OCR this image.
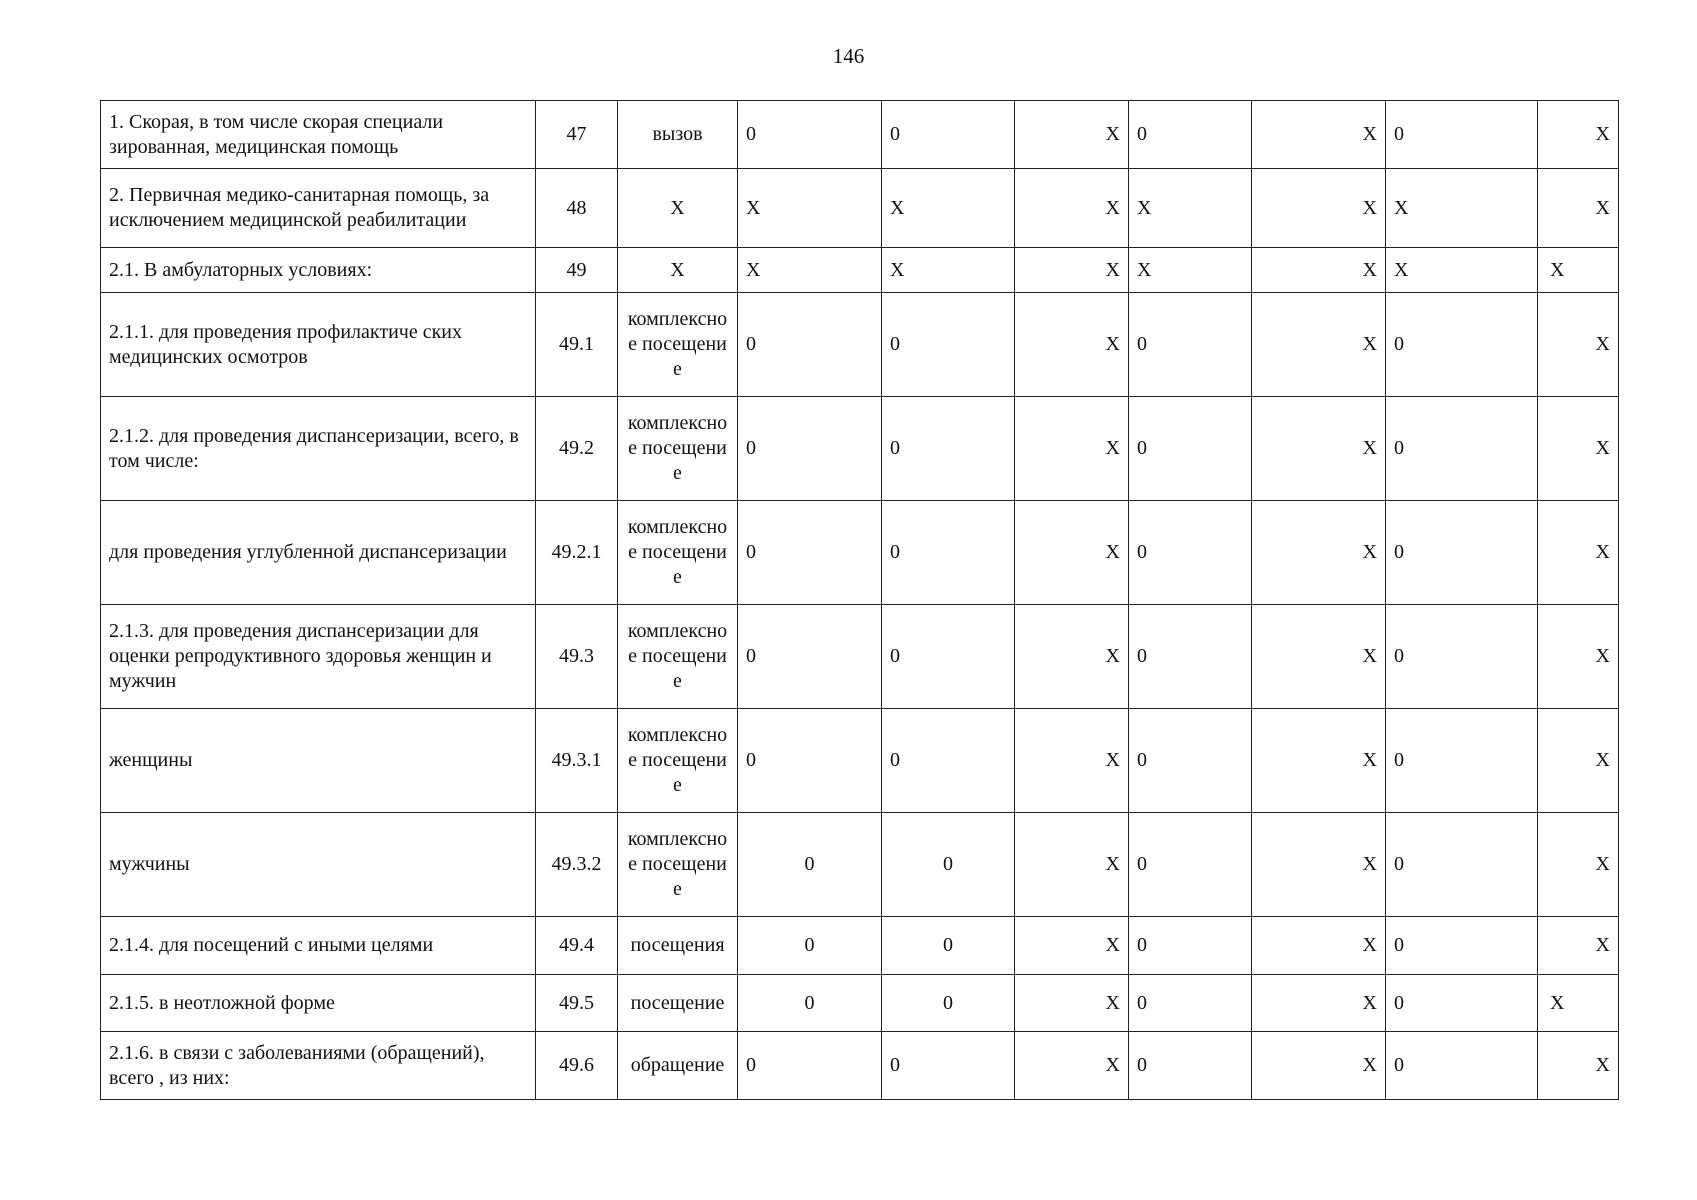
146
1. Скорая, в том числе скорая специали зированная, медицинская помощь	47	вызов	0	0	Х	0	Х	0	Х
2. Первичная медико-санитарная помощь, за исключением медицинской реабилитации	48	Х	Х	Х	Х	Х	Х	Х	Х
2.1. В амбулаторных условиях:	49	Х	Х	Х	Х	Х	Х	Х	Х
2.1.1. для проведения профилактиче ских медицинских осмотров	49.1	комплексное посещение	0	0	Х	0	Х	0	Х
2.1.2. для проведения диспансеризации, всего, в том числе:	49.2	комплексное посещение	0	0	Х	0	Х	0	Х
для проведения углубленной диспансеризации	49.2.1	комплексное посещение	0	0	Х	0	Х	0	Х
2.1.3. для проведения диспансеризации для оценки репродуктивного здоровья женщин и мужчин	49.3	комплексное посещение	0	0	Х	0	Х	0	Х
женщины	49.3.1	комплексное посещение	0	0	Х	0	Х	0	Х
мужчины	49.3.2	комплексное посещение	0	0	Х	0	Х	0	Х
2.1.4. для посещений с иными целями	49.4	посещения	0	0	Х	0	Х	0	Х
2.1.5. в неотложной форме	49.5	посещение	0	0	Х	0	Х	0	Х
2.1.6. в связи с заболеваниями (обращений), всего , из них:	49.6	обращение	0	0	Х	0	Х	0	Х
